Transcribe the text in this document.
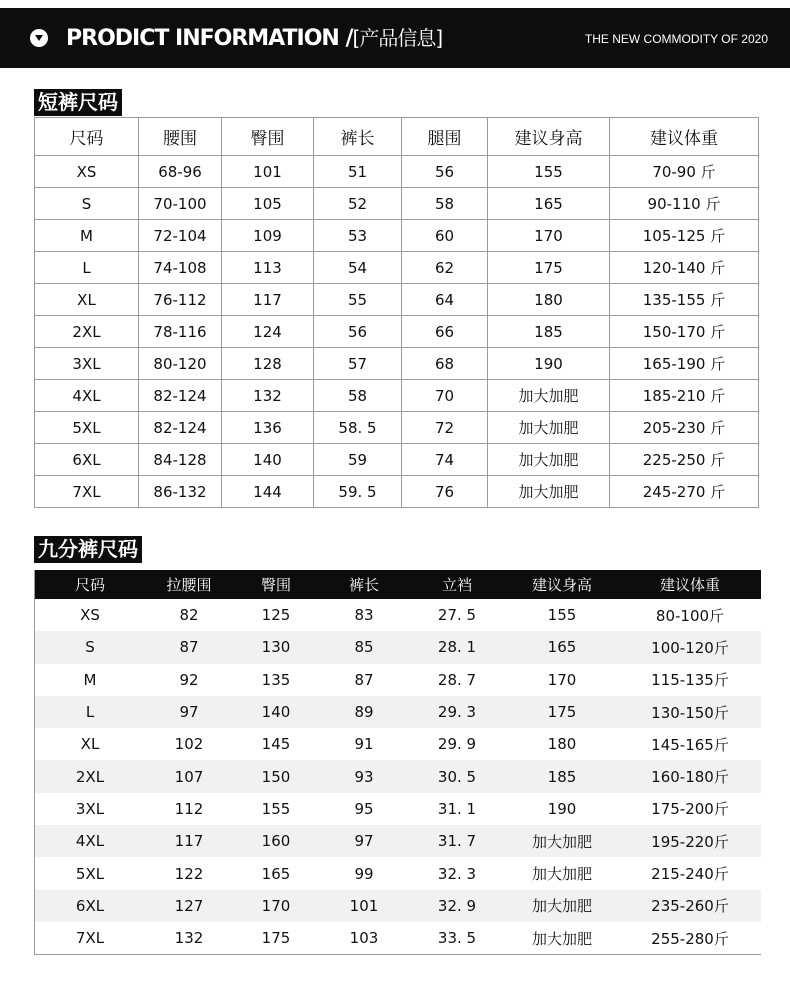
PRODICT INFORMATION /[产品信息]	THE NEW COMMODITY OF 2020
短裤尺码
尺码	腰围	臀围	裤长	腿围	建议身高	建议体重
XS	68-96	101	51	56	155	70-90 斤
S	70-100	105	52	58	165	90-110 斤
M	72-104	109	53	60	170	105-125 斤
L	74-108	113	54	62	175	120-140 斤
XL	76-112	117	55	64	180	135-155 斤
2XL	78-116	124	56	66	185	150-170 斤
3XL	80-120	128	57	68	190	165-190 斤
4XL	82-124	132	58	70	加大加肥	185-210 斤
5XL	82-124	136	58. 5	72	加大加肥	205-230 斤
6XL	84-128	140	59	74	加大加肥	225-250 斤
7XL	86-132	144	59. 5	76	加大加肥	245-270 斤
九分裤尺码
尺码	拉腰围	臀围	裤长	立裆	建议身高	建议体重
XS	82	125	83	27. 5	155	80-100斤
S	87	130	85	28. 1	165	100-120斤
M	92	135	87	28. 7	170	115-135斤
L	97	140	89	29. 3	175	130-150斤
XL	102	145	91	29. 9	180	145-165斤
2XL	107	150	93	30. 5	185	160-180斤
3XL	112	155	95	31. 1	190	175-200斤
4XL	117	160	97	31. 7	加大加肥	195-220斤
5XL	122	165	99	32. 3	加大加肥	215-240斤
6XL	127	170	101	32. 9	加大加肥	235-260斤
7XL	132	175	103	33. 5	加大加肥	255-280斤
